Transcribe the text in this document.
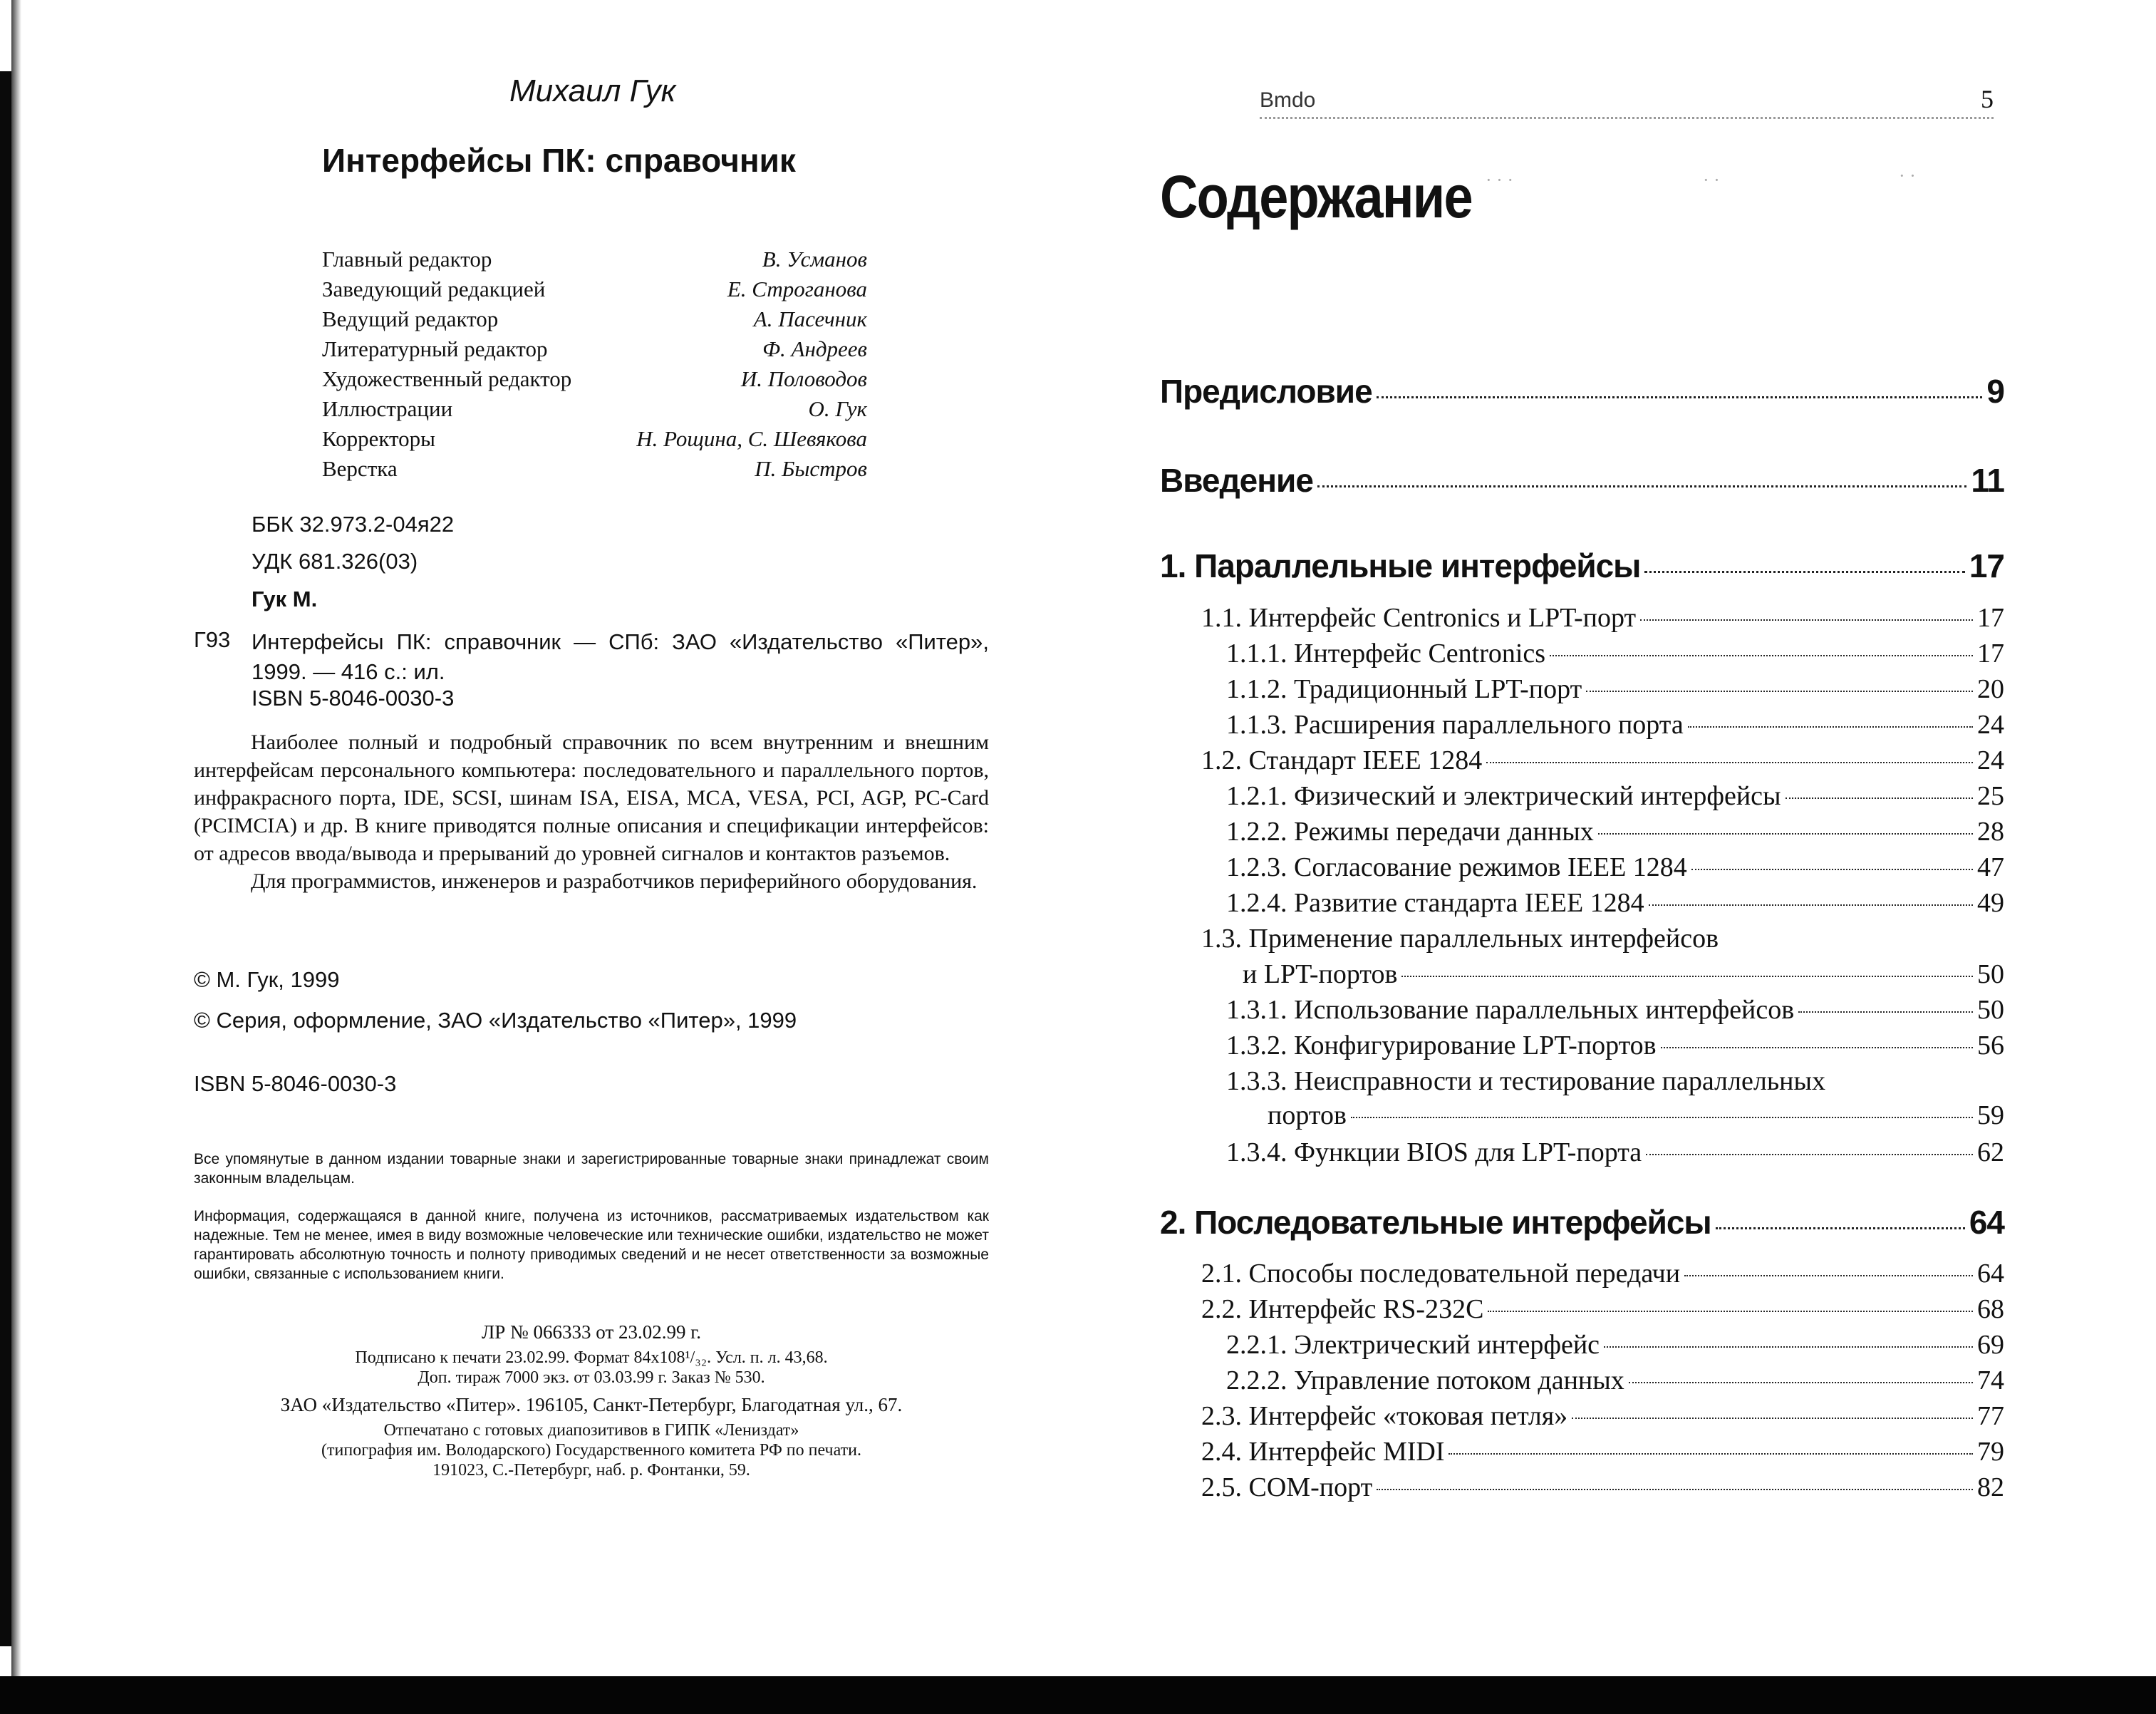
Михаил Гук
Интерфейсы ПК: справочник
Главный редактор	В. Усманов
Заведующий редакцией	Е. Строганова
Ведущий редактор	А. Пасечник
Литературный редактор	Ф. Андреев
Художественный редактор	И. Половодов
Иллюстрации	О. Гук
Корректоры	Н. Рощина, С. Шевякова
Верстка	П. Быстров
ББК 32.973.2-04я22
УДК 681.326(03)
Гук М.
Г93 Интерфейсы ПК: справочник — СПб: ЗАО «Издательство «Питер», 1999. — 416 с.: ил.
ISBN 5-8046-0030-3

Наиболее полный и подробный справочник по всем внутренним и внешним интерфейсам персонального компьютера: последовательного и параллельного портов, инфракрасного порта, IDE, SCSI, шинам ISA, EISA, MCA, VESA, PCI, AGP, PC-Card (PCIMCIA) и др. В книге приводятся полные описания и спецификации интерфейсов: от адресов ввода/вывода и прерываний до уровней сигналов и контактов разъемов.

Для программистов, инженеров и разработчиков периферийного оборудования.

© М. Гук, 1999
© Серия, оформление, ЗАО «Издательство «Питер», 1999
ISBN 5-8046-0030-3
Все упомянутые в данном издании товарные знаки и зарегистрированные товарные знаки принадлежат своим законным владельцам.
Информация, содержащаяся в данной книге, получена из источников, рассматриваемых издательством как надежные. Тем не менее, имея в виду возможные человеческие или технические ошибки, издательство не может гарантировать абсолютную точность и полноту приводимых сведений и не несет ответственности за возможные ошибки, связанные с использованием книги.
ЛР № 066333 от 23.02.99 г.
Подписано к печати 23.02.99. Формат 84х108¹/₃₂. Усл. п. л. 43,68.
Доп. тираж 7000 экз. от 03.03.99 г. Заказ № 530.
ЗАО «Издательство «Питер». 196105, Санкт-Петербург, Благодатная ул., 67.
Отпечатано с готовых диапозитивов в ГИПК «Лениздат»
(типография им. Володарского) Государственного комитета РФ по печати.
191023, С.-Петербург, наб. р. Фонтанки, 59.
Bmdo	5
Содержание · · ·	· ·	· ·
Предисловие	9
Введение	11
1. Параллельные интерфейсы	17
1.1. Интерфейс Centronics и LPT-порт	17
1.1.1. Интерфейс Centronics	17
1.1.2. Традиционный LPT-порт	20
1.1.3. Расширения параллельного порта	24
1.2. Стандарт IEEE 1284	24
1.2.1. Физический и электрический интерфейсы	25
1.2.2. Режимы передачи данных	28
1.2.3. Согласование режимов IEEE 1284	47
1.2.4. Развитие стандарта IEEE 1284	49
1.3. Применение параллельных интерфейсов
и LPT-портов	50
1.3.1. Использование параллельных интерфейсов	50
1.3.2. Конфигурирование LPT-портов	56
1.3.3. Неисправности и тестирование параллельных
портов	59
1.3.4. Функции BIOS для LPT-порта	62
2. Последовательные интерфейсы	64
2.1. Способы последовательной передачи	64
2.2. Интерфейс RS-232C	68
2.2.1. Электрический интерфейс	69
2.2.2. Управление потоком данных	74
2.3. Интерфейс «токовая петля»	77
2.4. Интерфейс MIDI	79
2.5. COM-порт	82
